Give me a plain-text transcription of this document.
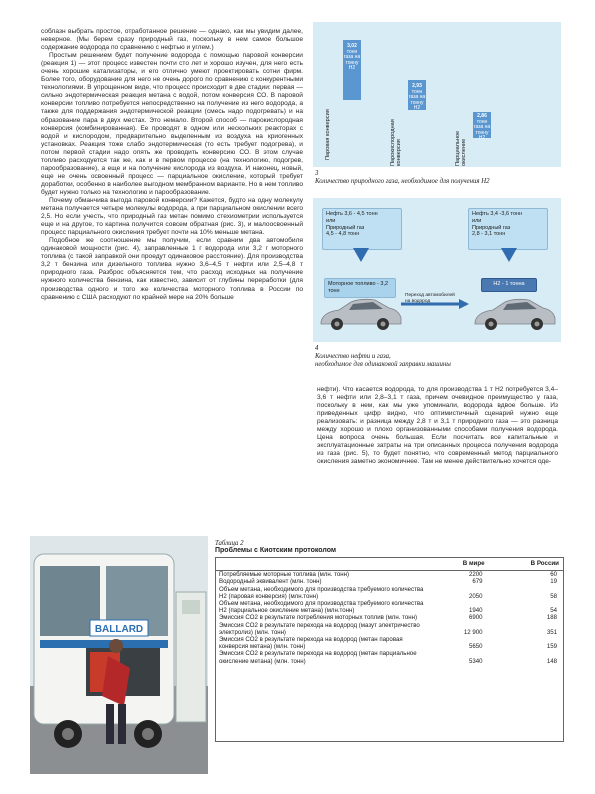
соблазн выбрать простое, отработанное решение — однако, как мы увидим далее, неверное. (Мы берем сразу природный газ, поскольку в нем самое большое содержание водорода по сравнению с нефтью и углем.)

Простым решением будет получение водорода с помощью паровой конверсии (реакция 1) — этот процесс известен почти сто лет и хорошо изучен, для него есть очень хорошие катализаторы, и его отлично умеют проектировать сотни фирм. Более того, оборудование для него не очень дорого по сравнению с конкурентными технологиями. В упрощенном виде, что процесс происходит в две стадии: первая — сильно эндотермическая реакция метана с водой, потом конверсия СО. В паровой конверсии топливо потребуется непосредственно на получение из него водорода, а также для поддержания эндотермической реакции (смесь надо подогревать) и на образование пара в двух местах. Это немало. Второй способ — парокислородная конверсия (комбинированная). Ее проводят в одном или нескольких реакторах с водой и кислородом, предварительно выделенным из воздуха на криогенных установках. Реакция тоже слабо эндотермическая (то есть требует подогрева), и потом первой стадии надо опять же проводить конверсию СО. В этом случае топливо расходуется так же, как и в первом процессе (на технологию, подогрев, парообразование), а еще и на получение кислорода из воздуха. И наконец, новый, еще не очень освоенный процесс — парциальное окисление, который требует доработки, особенно в наиболее выгодном мембранном варианте. Но в нем топливо будет нужно только на технологию и парообразование.

Почему обманчива выгода паровой конверсии? Кажется, будто на одну молекулу метана получается четыре молекулы водорода, а при парциальном окислении всего 2,5. Но если учесть, что природный газ метан помимо стехиометрии используется еще и на другое, то картина получится совсем обратная (рис. 3), и малоосвоенный процесс парциального окисления требует почти на 10% меньше метана.

Подобное же соотношение мы получим, если сравним два автомобиля одинаковой мощности (рис. 4), заправленные 1 г водорода или 3,2 г моторного топлива (с такой заправкой они проедут одинаковое расстояние). Для производства 3,2 т бензина или дизельного топлива нужно 3,6–4,5 т нефти или 2,5–4,8 т природного газа. Разброс объясняется тем, что расход исходных на получение нужного количества бензина, как известно, зависит от глубины переработки (для производства одного и того же количества моторного топлива в России по сравнению с США расходуют по крайней мере на 20% больше

3,02
тонн газа на тонну H2
2,93
тонн газа на тонну H2
2,86
тонн газа на тонну H2
Паровая конверсия	Парокислородная конверсия	Парциальное окисление
3
Количество природного газа, необходимое для получения H2
Нефть 3,6 - 4,5 тонн
или
Природный газ
4,5 - 4,8 тонн
Нефть 3,4 -3,6 тонн
или
Природный газ
2,8 - 3,1 тонн
Моторное топливо - 3,2 тонн
H2 - 1 тонна
Переход автомобилей на водород
4
Количество нефти и газа,
необходимое для одинаковой заправки машины

нефти). Что касается водорода, то для производства 1 т H2 потребуется 3,4–3,6 т нефти или 2,8–3,1 т газа, причем очевидное преимущество у газа, поскольку в нем, как мы уже упоминали, водорода вдвое больше. Из приведенных цифр видно, что оптимистичный сценарий нужно еще реализовать: и разница между 2,8 т и 3,1 т природного газа — это разница между хорошо и плохо организованными способами получения водорода. Цена вопроса очень большая. Если посчитать все капитальные и эксплуатационные затраты на три описанных процесса получения водорода из газа (рис. 5), то будет понятно, что современный метод парциального окисления заметно экономичнее. Там не менее действительно хочется оде-

BALLARD
Таблица 2
Проблемы с Киотским протоколом
	В мире	В России
Потребляемые моторные топлива (млн. тонн)	2200	60
Водородный эквивалент (млн. тонн)	679	19
Объем метана, необходимого для производства требуемого количества H2 (паровая конверсия) (млн.тонн)	2050	58
Объем метана, необходимого для производства требуемого количества H2 (парциальное окисление метана) (млн.тонн)	1940	54
Эмиссия CO2 в результате потребления моторных топлив (млн. тонн)	6900	188
Эмиссия CO2 в результате перехода на водород (мазут электричество электролиз) (млн. тонн)	12 900	351
Эмиссия CO2 в результате перехода на водород (метан паровая конверсия метана) (млн. тонн)	5650	159
Эмиссия CO2 в результате перехода на водород (метан парциальное окисление метана) (млн. тонн)	5340	148
